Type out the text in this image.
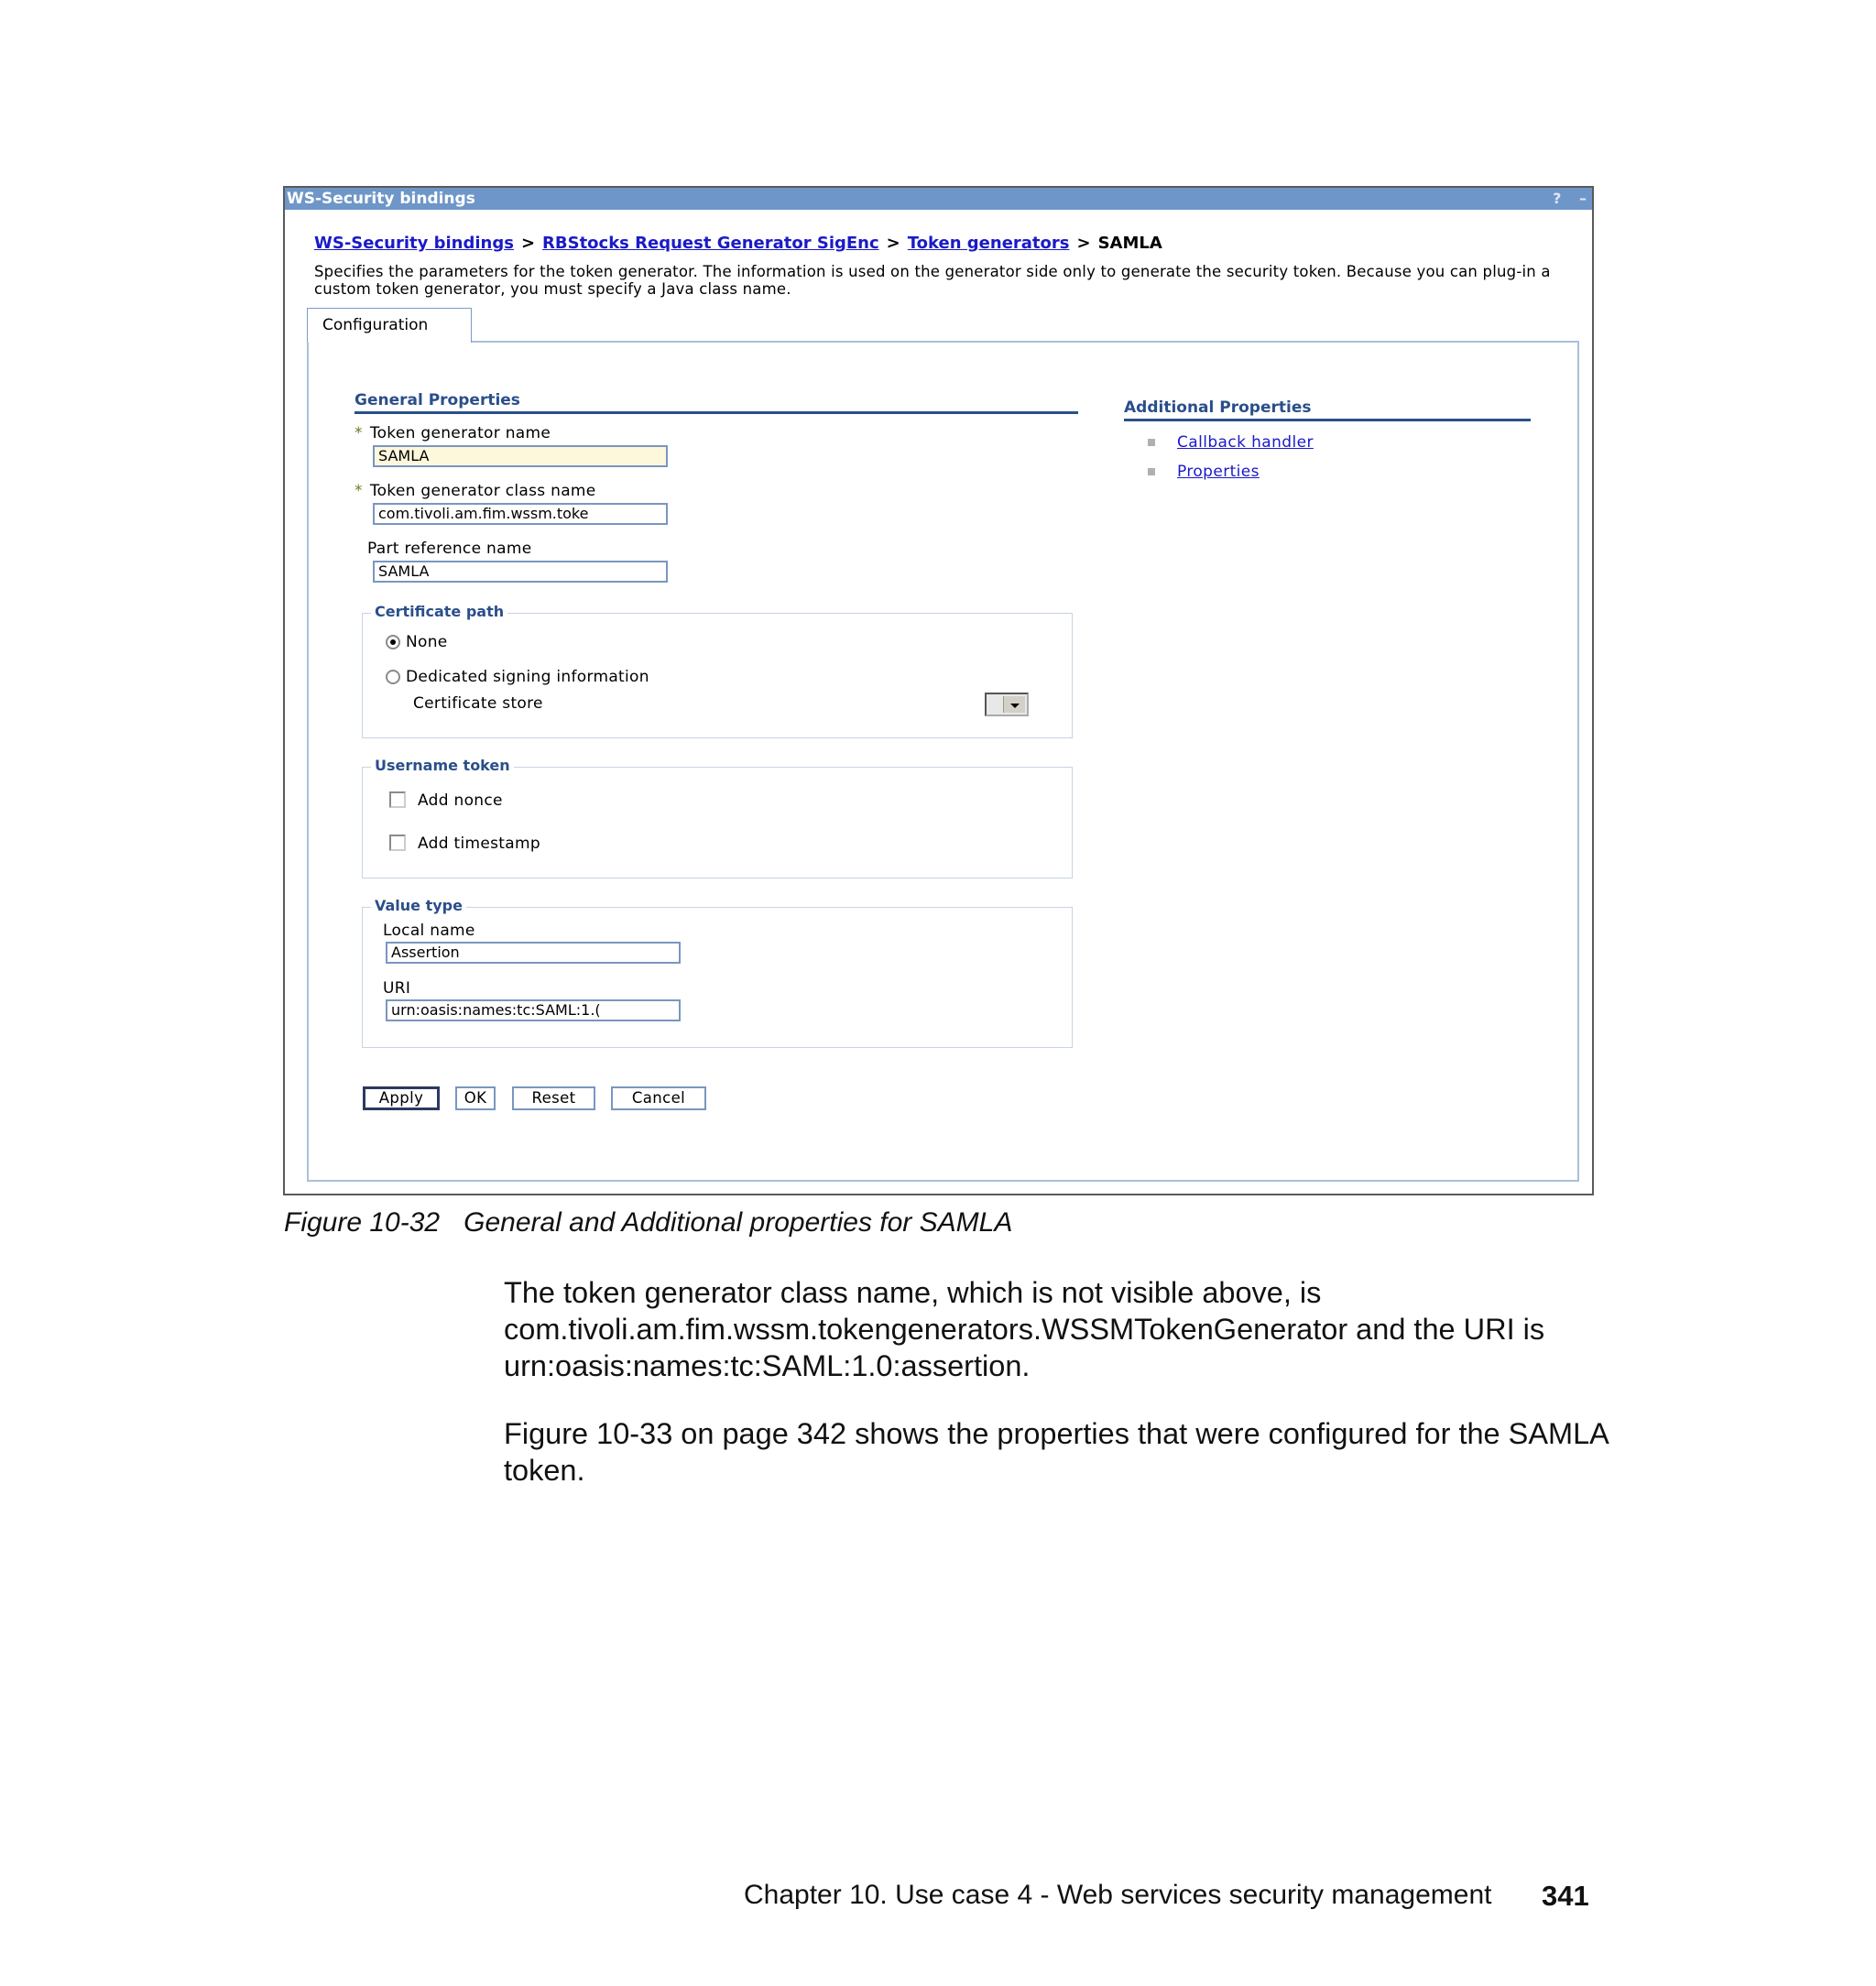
WS-Security bindings	? –
WS-Security bindings > RBStocks Request Generator SigEnc > Token generators > SAMLA
Specifies the parameters for the token generator. The information is used on the generator side only to generate the security token. Because you can plug-in a custom token generator, you must specify a Java class name.
Configuration
General Properties
* Token generator name
SAMLA
* Token generator class name
com.tivoli.am.fim.wssm.toke
Part reference name
SAMLA
Certificate path
None
Dedicated signing information
Certificate store
Username token
Add nonce
Add timestamp
Value type
Local name
Assertion
URI
urn:oasis:names:tc:SAML:1.(
Apply	OK	Reset	Cancel
Additional Properties
Callback handler
Properties
Figure 10-32 General and Additional properties for SAMLA
The token generator class name, which is not visible above, is com.tivoli.am.fim.wssm.tokengenerators.WSSMTokenGenerator and the URI is urn:oasis:names:tc:SAML:1.0:assertion.
Figure 10-33 on page 342 shows the properties that were configured for the SAMLA token.
Chapter 10. Use case 4 - Web services security management 341
